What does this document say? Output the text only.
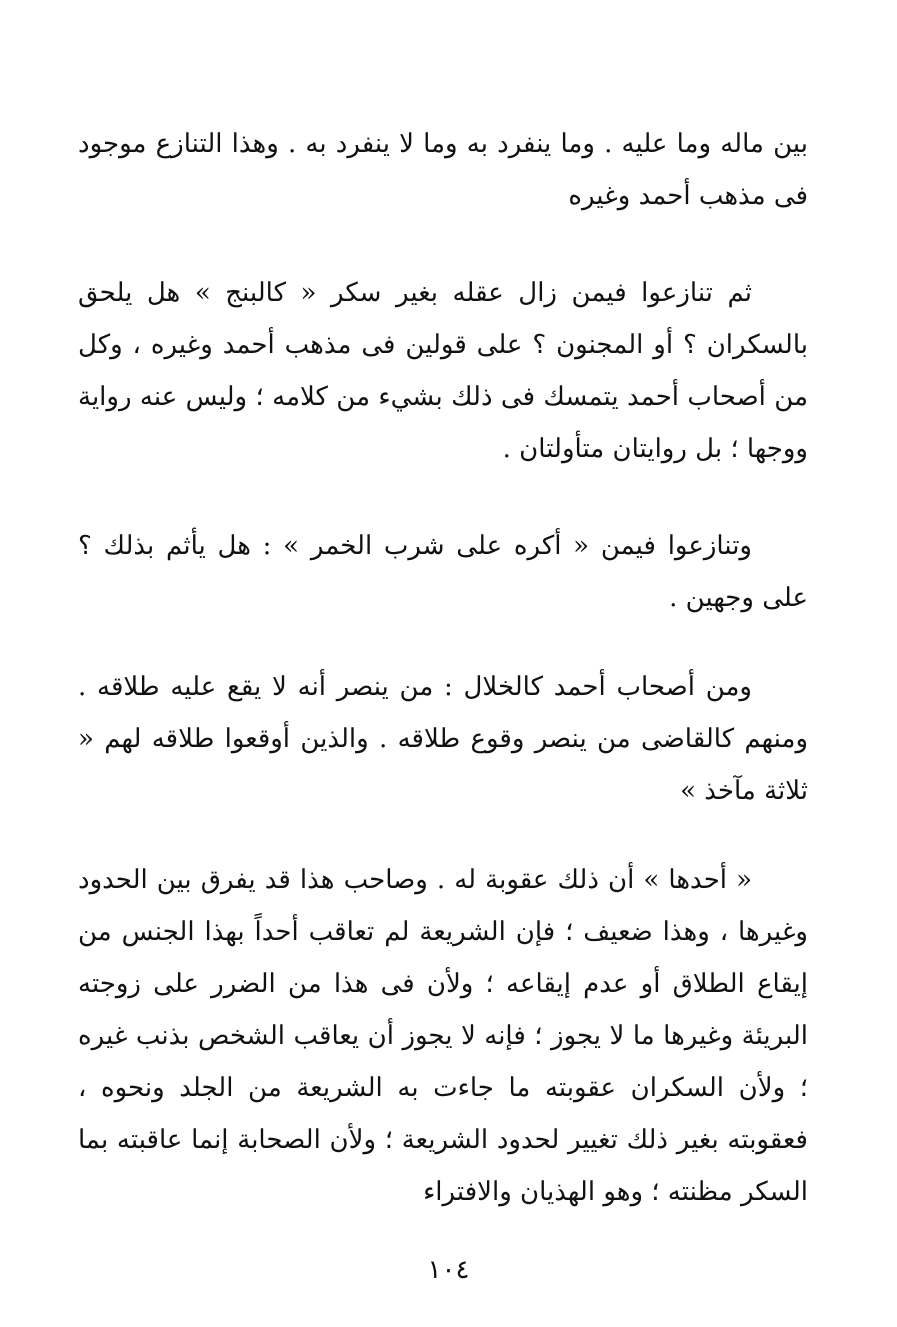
بين ماله وما عليه . وما ينفرد به وما لا ينفرد به . وهذا التنازع موجود فى مذهب أحمد وغيره

ثم تنازعوا فيمن زال عقله بغير سكر « كالبنج » هل يلحق بالسكران ؟ أو المجنون ؟ على قولين فى مذهب أحمد وغيره ، وكل من أصحاب أحمد يتمسك فى ذلك بشيء من كلامه ؛ وليس عنه رواية ووجها ؛ بل روايتان متأولتان .

وتنازعوا فيمن « أكره على شرب الخمر » : هل يأثم بذلك ؟ على وجهين .

ومن أصحاب أحمد كالخلال : من ينصر أنه لا يقع عليه طلاقه . ومنهم كالقاضى من ينصر وقوع طلاقه . والذين أوقعوا طلاقه لهم « ثلاثة مآخذ »

« أحدها » أن ذلك عقوبة له . وصاحب هذا قد يفرق بين الحدود وغيرها ، وهذا ضعيف ؛ فإن الشريعة لم تعاقب أحداً بهذا الجنس من إيقاع الطلاق أو عدم إيقاعه ؛ ولأن فى هذا من الضرر على زوجته البريئة وغيرها ما لا يجوز ؛ فإنه لا يجوز أن يعاقب الشخص بذنب غيره ؛ ولأن السكران عقوبته ما جاءت به الشريعة من الجلد ونحوه ، فعقوبته بغير ذلك تغيير لحدود الشريعة ؛ ولأن الصحابة إنما عاقبته بما السكر مظنته ؛ وهو الهذيان والافتراء

١٠٤
